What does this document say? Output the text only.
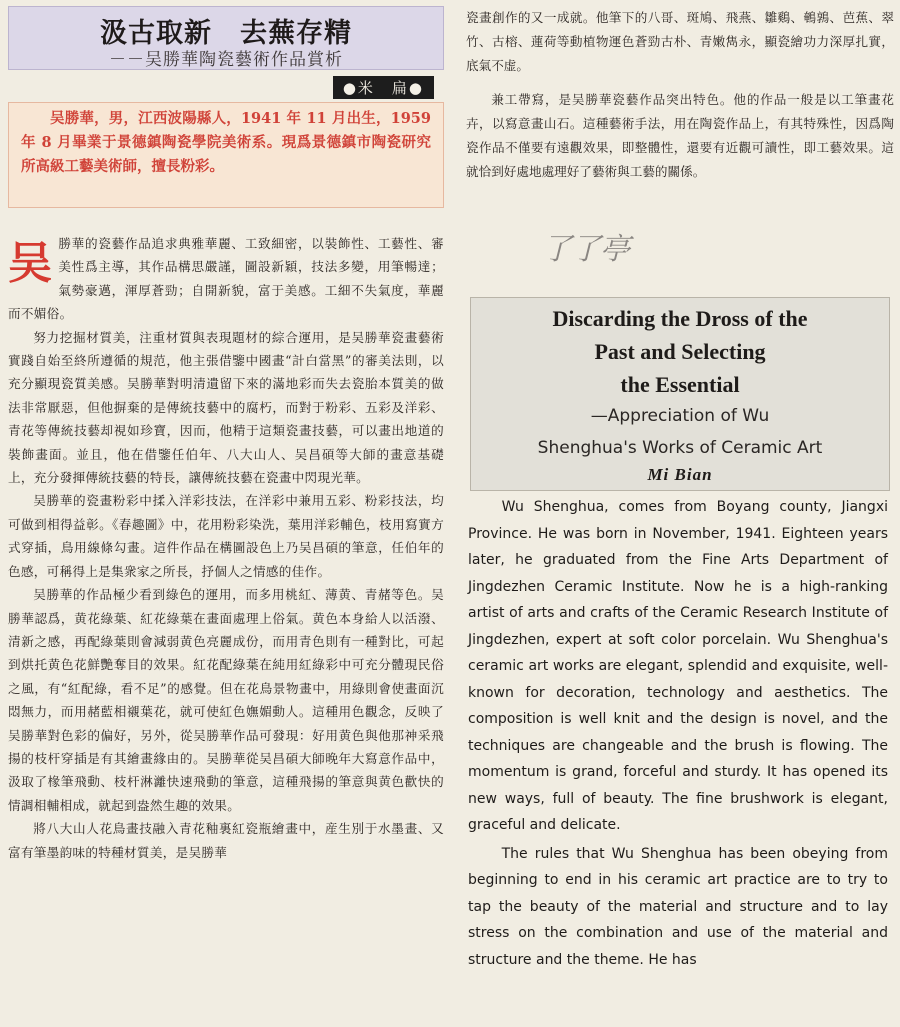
汲古取新　去蕪存精
－－吴勝華陶瓷藝術作品賞析
●米　扁●
吴勝華，男，江西波陽縣人，1941 年 11 月出生，1959 年 8 月畢業于景德鎮陶瓷學院美術系。現爲景德鎮市陶瓷研究所高級工藝美術師，擅長粉彩。

吴勝華的瓷藝作品追求典雅華麗、工致細密，以裝飾性、工藝性、審美性爲主導，其作品構思嚴謹，圖設新穎，技法多變，用筆暢達；氣勢豪邁，渾厚蒼勁；自開新貌，富于美感。工細不失氣度，華麗而不媚俗。

努力挖掘材質美，注重材質與表現題材的綜合運用，是吴勝華瓷畫藝術實踐自始至終所遵循的規范，他主張借鑒中國畫“計白當黑”的審美法則，以充分顯現瓷質美感。吴勝華對明清遺留下來的滿地彩而失去瓷胎本質美的做法非常厭惡，但他摒棄的是傳統技藝中的腐朽，而對于粉彩、五彩及洋彩、青花等傳統技藝却視如珍寶，因而，他精于這類瓷畫技藝，可以畫出地道的裝飾畫面。並且，他在借鑒任伯年、八大山人、吴昌碩等大師的畫意基礎上，充分發揮傳統技藝的特長，讓傳統技藝在瓷畫中閃現光華。

吴勝華的瓷畫粉彩中揉入洋彩技法，在洋彩中兼用五彩、粉彩技法，均可做到相得益彰。《春趣圖》中，花用粉彩染洗，葉用洋彩輔色，枝用寫實方式穿插，鳥用線條勾畫。這件作品在構圖設色上乃吴昌碩的筆意，任伯年的色感，可稱得上是集衆家之所長，抒個人之情感的佳作。

吴勝華的作品極少看到綠色的運用，而多用桃紅、薄黄、青赭等色。吴勝華認爲，黄花綠葉、紅花綠葉在畫面處理上俗氣。黄色本身給人以活潑、清新之感，再配綠葉則會減弱黄色亮麗成份，而用青色則有一種對比，可起到烘托黄色花鮮艷奪目的效果。紅花配綠葉在純用紅綠彩中可充分體現民俗之風，有“紅配綠，看不足”的感覺。但在花鳥景物畫中，用綠則會使畫面沉悶無力，而用赭藍相襯葉花，就可使紅色嫵媚動人。這種用色觀念，反映了吴勝華對色彩的偏好，另外，從吴勝華作品可發現：好用黄色與他那神采飛揚的枝杆穿插是有其繪畫緣由的。吴勝華從吴昌碩大師晚年大寫意作品中，汲取了椽筆飛動、枝杆淋灕快速飛動的筆意，這種飛揚的筆意與黄色歡快的情調相輔相成，就起到盎然生趣的效果。

將八大山人花鳥畫技融入青花釉裏紅瓷瓶繪畫中，産生別于水墨畫、又富有筆墨韵味的特種材質美，是吴勝華

瓷畫創作的又一成就。他筆下的八哥、斑鳩、飛燕、雛鷄、鵪鶉、芭蕉、翠竹、古榕、蓮荷等動植物運色蒼勁古朴、青嫩雋永，顯瓷繪功力深厚扎實，底氣不虚。

兼工帶寫，是吴勝華瓷藝作品突出特色。他的作品一般是以工筆畫花卉，以寫意畫山石。這種藝術手法，用在陶瓷作品上，有其特殊性，因爲陶瓷作品不僅要有遠觀效果，即整體性，還要有近觀可讀性，即工藝效果。這就恰到好處地處理好了藝術與工藝的關係。

了了亭
Discarding the Dross of the
Past and Selecting
the Essential
—Appreciation of Wu
Shenghua's Works of Ceramic Art
Mi Bian

Wu Shenghua, comes from Boyang county, Jiangxi Province. He was born in November, 1941. Eighteen years later, he graduated from the Fine Arts Department of Jingdezhen Ceramic Institute. Now he is a high-ranking artist of arts and crafts of the Ceramic Research Institute of Jingdezhen, expert at soft color porcelain. Wu Shenghua's ceramic art works are elegant, splendid and exquisite, well-known for decoration, technology and aesthetics. The composition is well knit and the design is novel, and the techniques are changeable and the brush is flowing. The momentum is grand, forceful and sturdy. It has opened its new ways, full of beauty. The fine brushwork is elegant, graceful and delicate.

The rules that Wu Shenghua has been obeying from beginning to end in his ceramic art practice are to try to tap the beauty of the material and structure and to lay stress on the combination and use of the material and structure and the theme. He has
